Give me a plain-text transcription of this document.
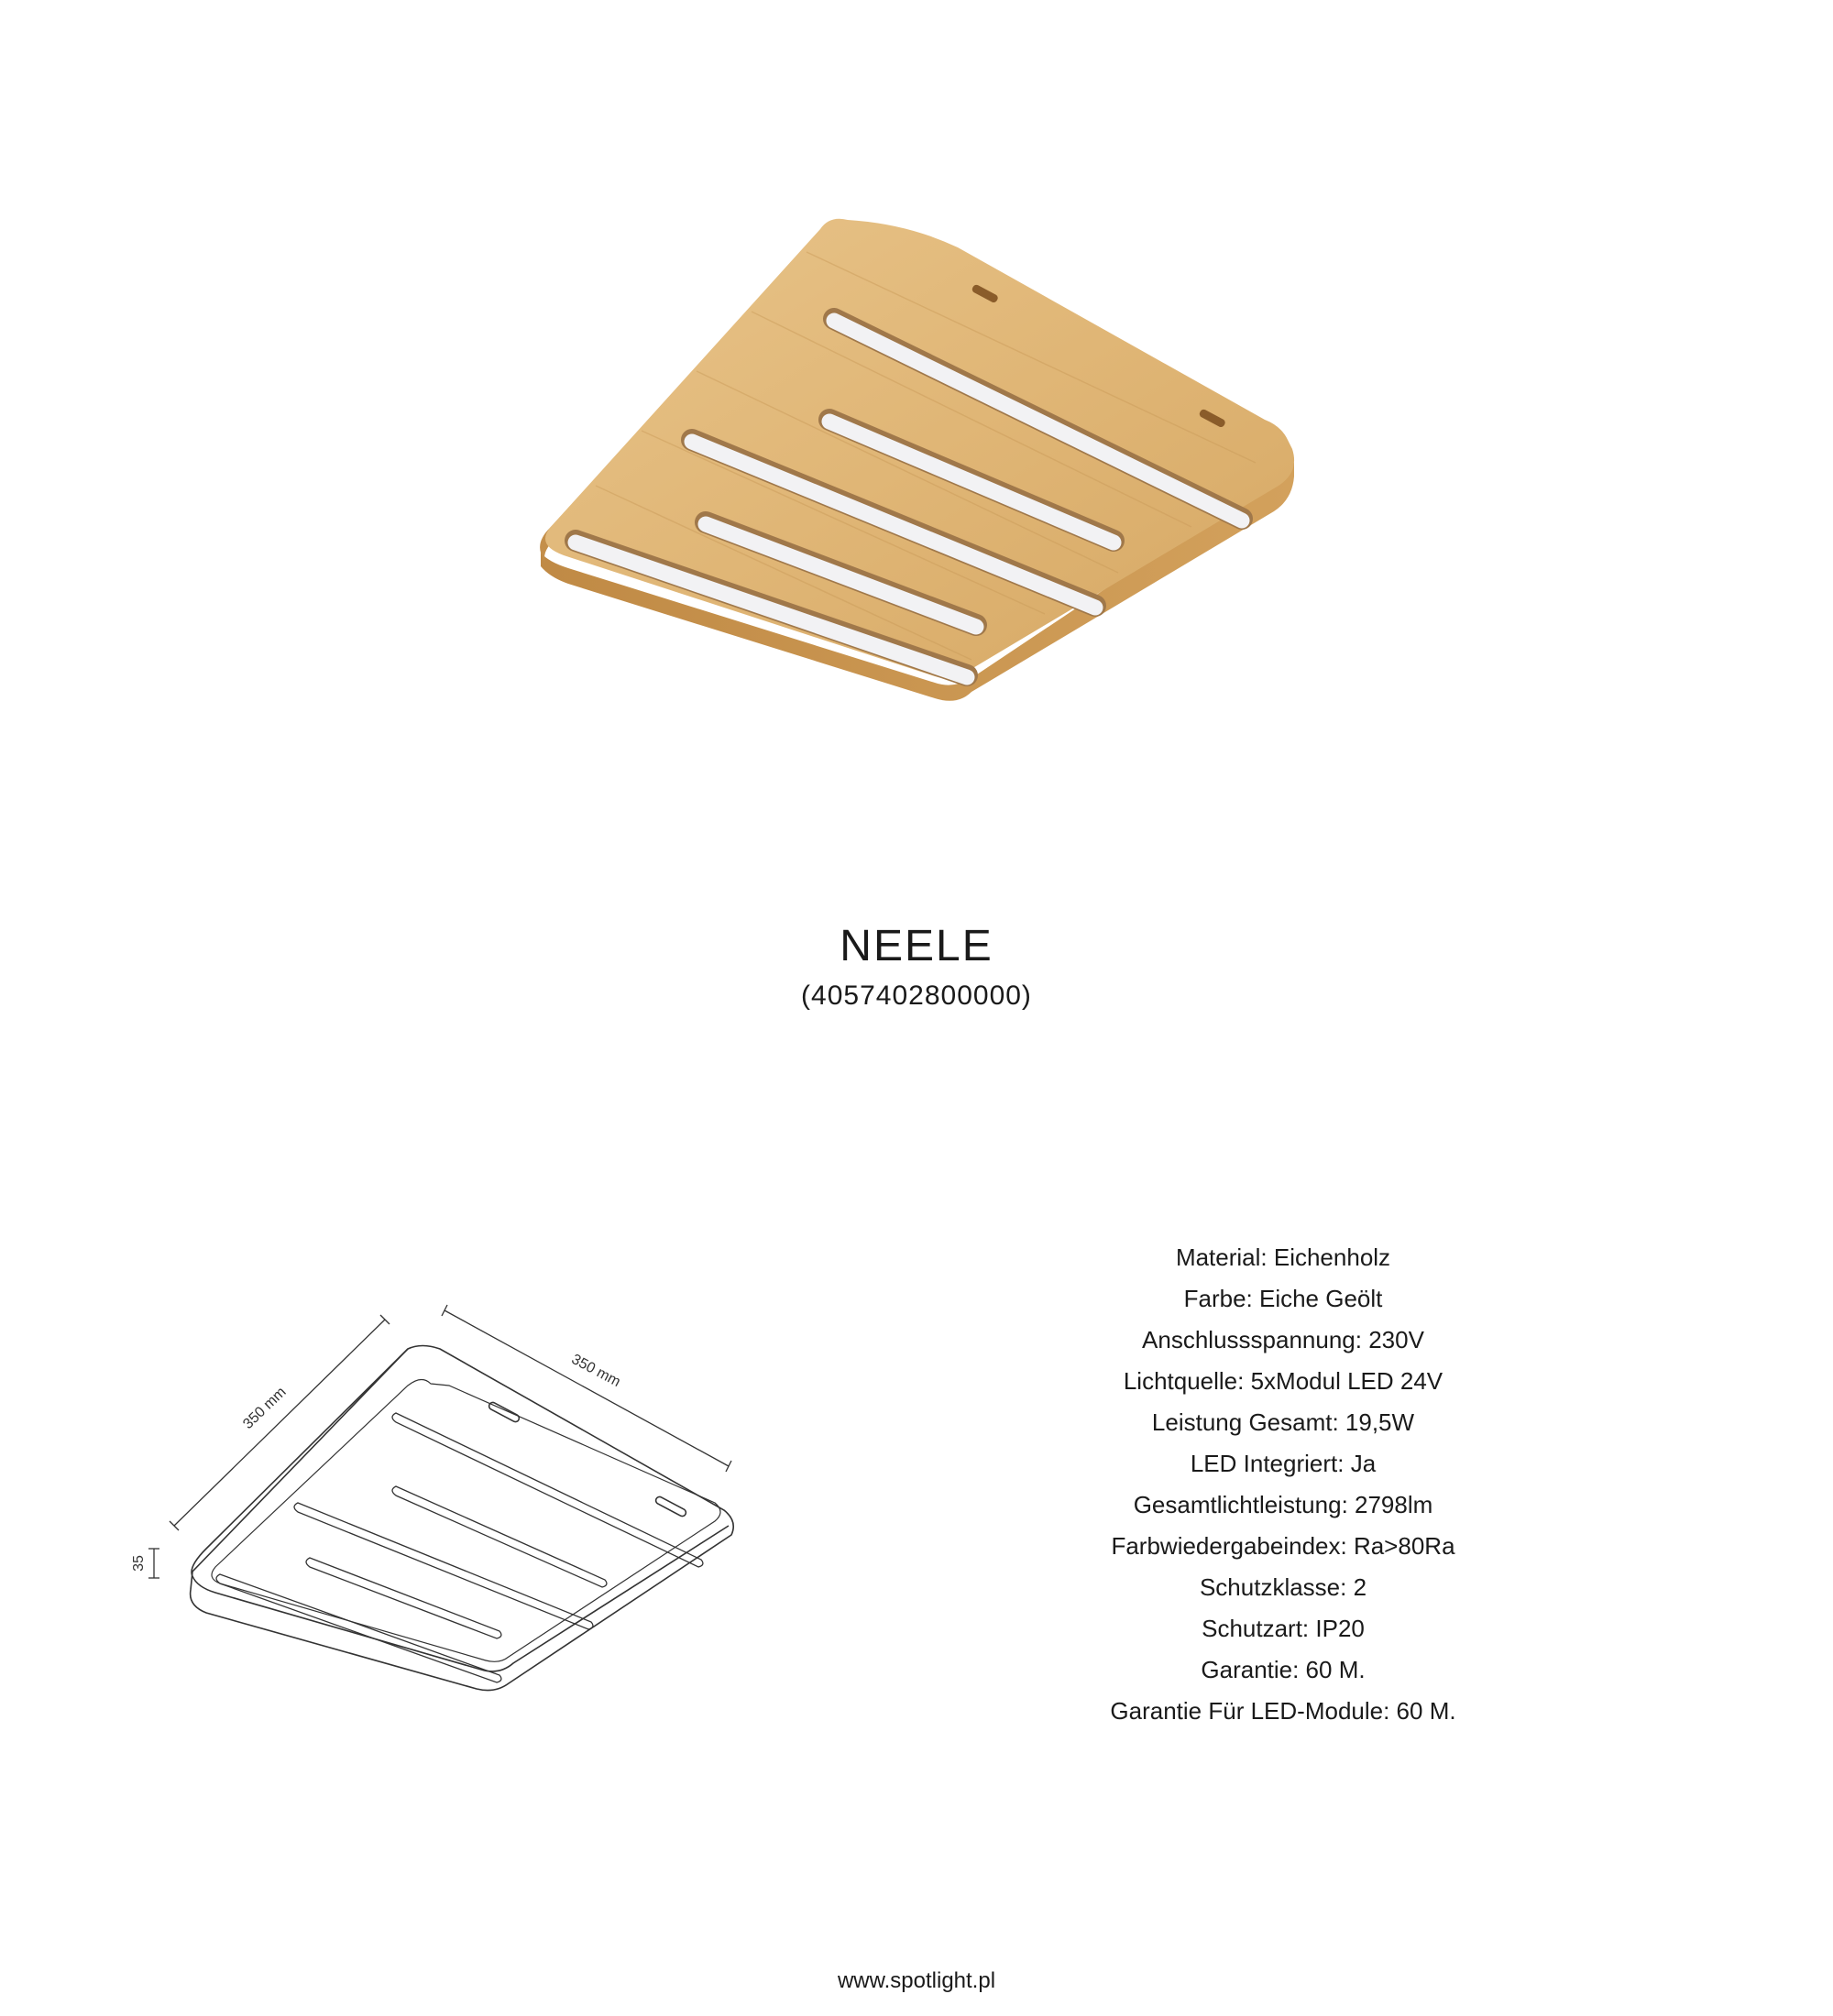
NEELE
(4057402800000)
350 mm
350 mm
35
Material: Eichenholz
Farbe: Eiche Geölt
Anschlussspannung: 230V
Lichtquelle: 5xModul LED 24V
Leistung Gesamt: 19,5W
LED Integriert: Ja
Gesamtlichtleistung: 2798lm
Farbwiedergabeindex: Ra>80Ra
Schutzklasse: 2
Schutzart: IP20
Garantie: 60 M.
Garantie Für LED-Module: 60 M.
www.spotlight.pl
